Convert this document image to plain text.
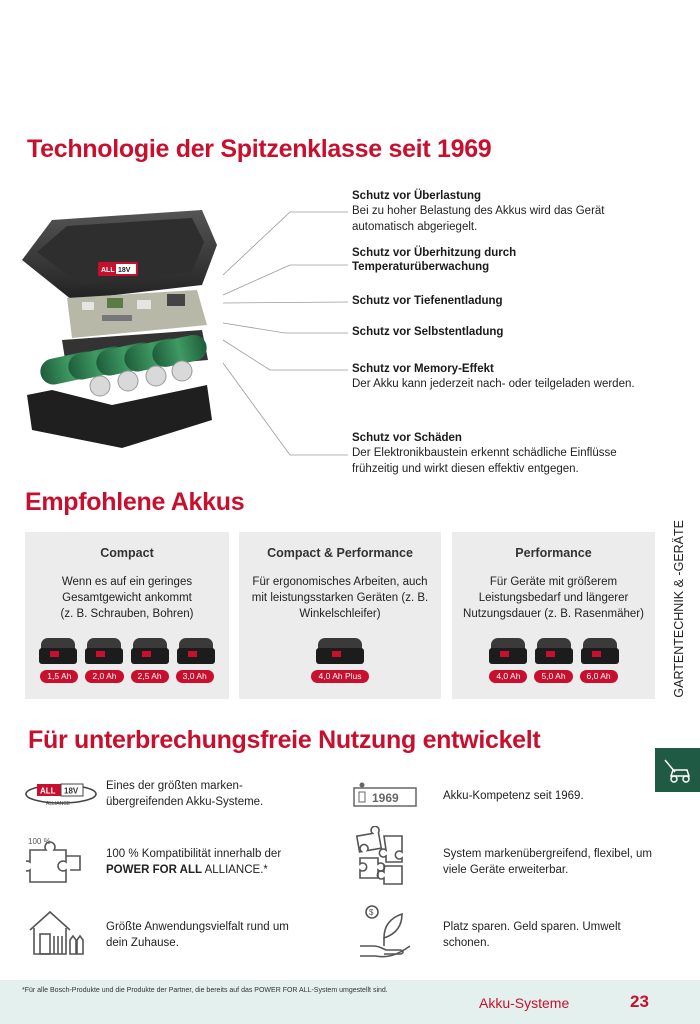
Technologie der Spitzenklasse seit 1969
ALL 18V
Schutz vor Überlastung
Bei zu hoher Belastung des Akkus wird das Gerät
automatisch abgeriegelt.
Schutz vor Überhitzung durch
Temperaturüberwachung
Schutz vor Tiefenentladung
Schutz vor Selbstentladung
Schutz vor Memory-Effekt
Der Akku kann jederzeit nach- oder teilgeladen werden.
Schutz vor Schäden
Der Elektronikbaustein erkennt schädliche Einflüsse
frühzeitig und wirkt diesen effektiv entgegen.
Empfohlene Akkus
Compact
Wenn es auf ein geringes
Gesamtgewicht ankommt
(z. B. Schrauben, Bohren)
1,5 Ah	2,0 Ah	2,5 Ah	3,0 Ah
Compact & Performance
Für ergonomisches Arbeiten, auch
mit leistungsstarken Geräten (z. B.
Winkelschleifer)
4,0 Ah Plus
Performance
Für Geräte mit größerem
Leistungsbedarf und längerer
Nutzungsdauer (z. B. Rasenmäher)
4,0 Ah	5,0 Ah	6,0 Ah
Für unterbrechungsfreie Nutzung entwickelt
ALL 18V
ALLIANCE
Eines der größten marken-
übergreifenden Akku-Systeme.	1969	Akku-Kompetenz seit 1969.
100 %
100 % Kompatibilität innerhalb der
POWER FOR ALL ALLIANCE.*
System markenübergreifend, flexibel, um
viele Geräte erweiterbar.
Größte Anwendungsvielfalt rund um
dein Zuhause.
$
Platz sparen. Geld sparen. Umwelt
schonen.
GARTENTECHNIK & -GERÄTE
*Für alle Bosch-Produkte und die Produkte der Partner, die bereits auf das POWER FOR ALL-System umgestellt sind.
Akku-Systeme	23
